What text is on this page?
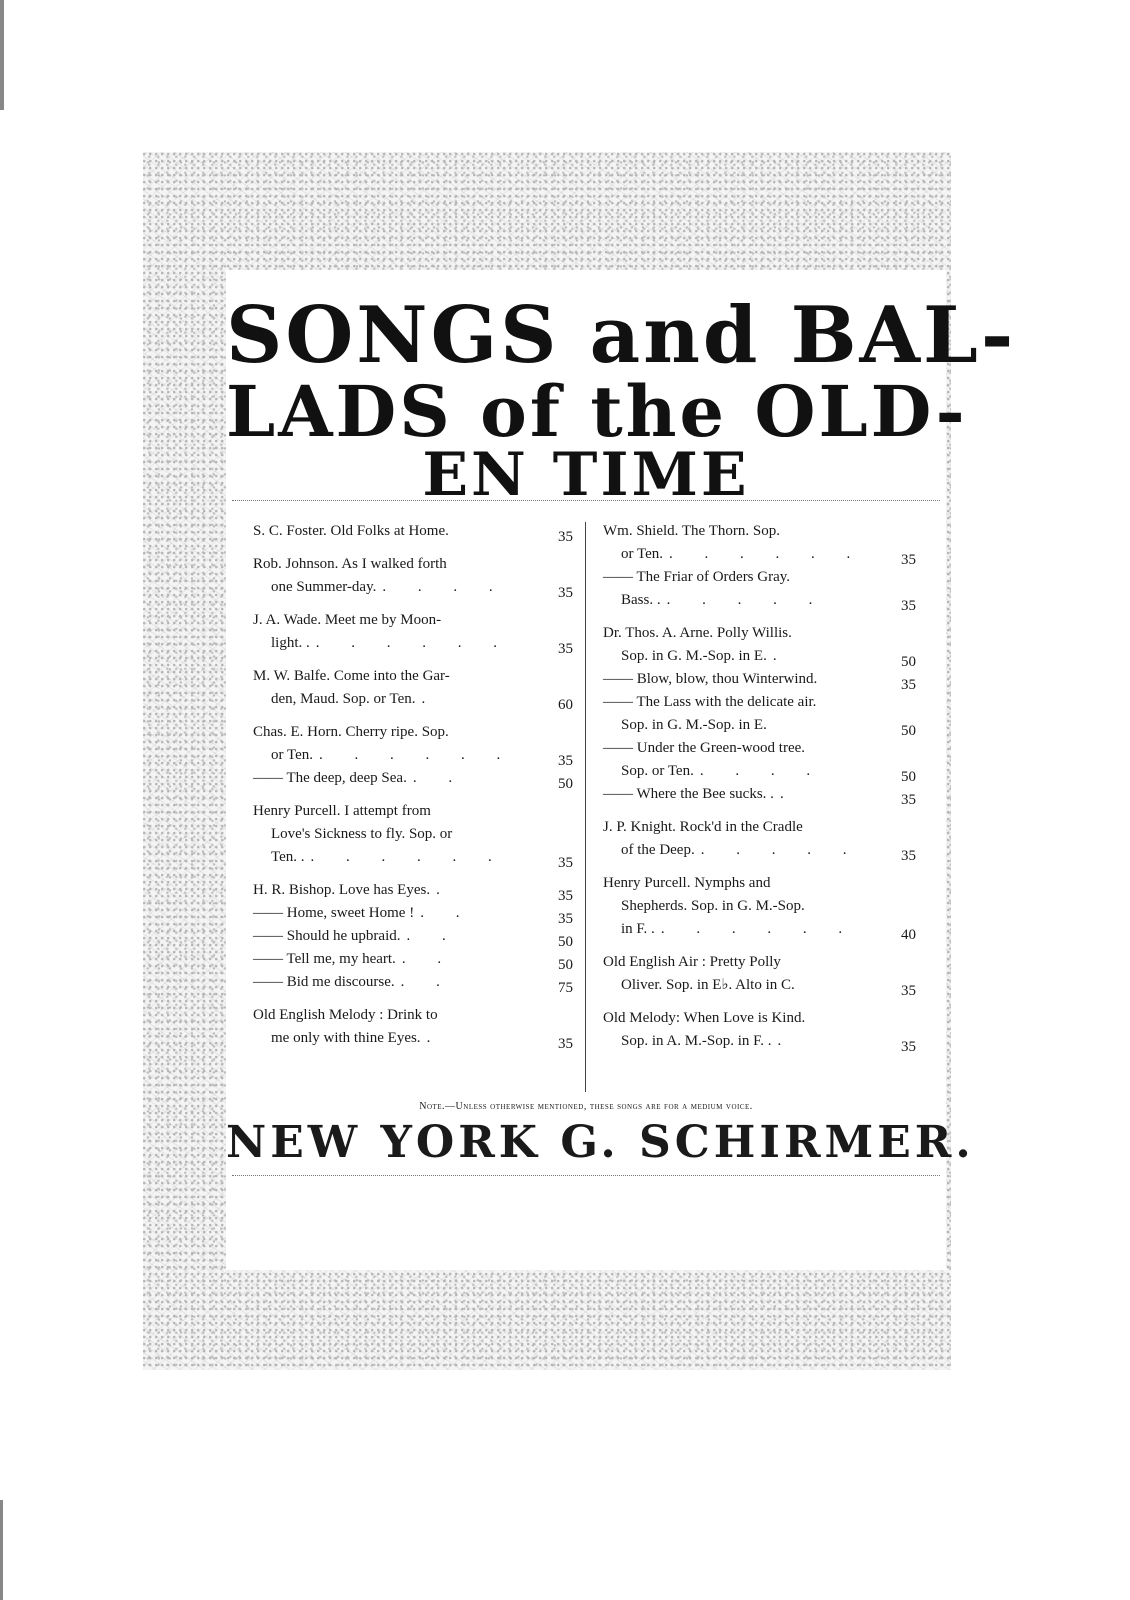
SONGS and BAL-
LADS of the OLD-
EN TIME
S. C. Foster. Old Folks at Home.	35
Rob. Johnson. As I walked forth
one Summer-day. . . . .	35
J. A. Wade. Meet me by Moon-
light. . . . . . . .	35
M. W. Balfe. Come into the Gar-
den, Maud. Sop. or Ten. .	60
Chas. E. Horn. Cherry ripe. Sop.
or Ten. . . . . . .	35
—— The deep, deep Sea. . .	50
Henry Purcell. I attempt from
Love's Sickness to fly. Sop. or
Ten. . . . . . . .	35
H. R. Bishop. Love has Eyes. .	35
—— Home, sweet Home ! . .	35
—— Should he upbraid. . .	50
—— Tell me, my heart. . .	50
—— Bid me discourse. . .	75
Old English Melody : Drink to
me only with thine Eyes. .	35
Wm. Shield. The Thorn. Sop.
or Ten. . . . . . .	35
—— The Friar of Orders Gray.
Bass. . . . . . .	35
Dr. Thos. A. Arne. Polly Willis.
Sop. in G. M.-Sop. in E. .	50
—— Blow, blow, thou Winterwind.	35
—— The Lass with the delicate air.
Sop. in G. M.-Sop. in E.	50
—— Under the Green-wood tree.
Sop. or Ten. . . . .	50
—— Where the Bee sucks. . .	35
J. P. Knight. Rock'd in the Cradle
of the Deep. . . . . .	35
Henry Purcell. Nymphs and
Shepherds. Sop. in G. M.-Sop.
in F. . . . . . . .	40
Old English Air : Pretty Polly
Oliver. Sop. in E♭. Alto in C.	35
Old Melody: When Love is Kind.
Sop. in A. M.-Sop. in F. . .	35
Note.—Unless otherwise mentioned, these songs are for a medium voice.
NEW YORK G. SCHIRMER.
